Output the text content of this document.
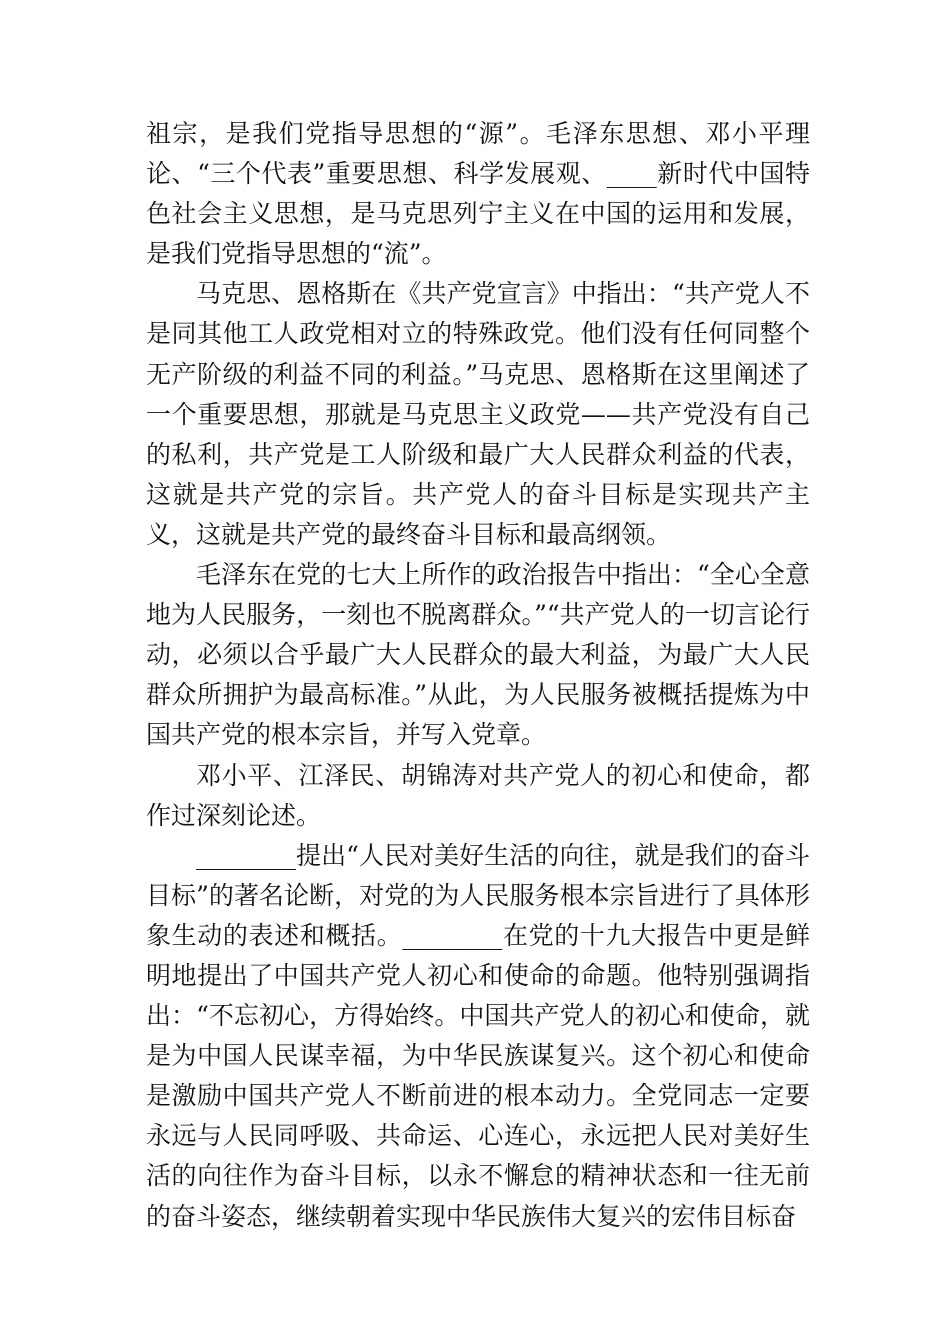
祖宗，是我们党指导思想的“源”。毛泽东思想、邓小平理论、“三个代表”重要思想、科学发展观、____新时代中国特色社会主义思想，是马克思列宁主义在中国的运用和发展，是我们党指导思想的“流”。

马克思、恩格斯在《共产党宣言》中指出：“共产党人不是同其他工人政党相对立的特殊政党。他们没有任何同整个无产阶级的利益不同的利益。”马克思、恩格斯在这里阐述了一个重要思想，那就是马克思主义政党——共产党没有自己的私利，共产党是工人阶级和最广大人民群众利益的代表，这就是共产党的宗旨。共产党人的奋斗目标是实现共产主义，这就是共产党的最终奋斗目标和最高纲领。

毛泽东在党的七大上所作的政治报告中指出：“全心全意地为人民服务，一刻也不脱离群众。”“共产党人的一切言论行动，必须以合乎最广大人民群众的最大利益，为最广大人民群众所拥护为最高标准。”从此，为人民服务被概括提炼为中国共产党的根本宗旨，并写入党章。

邓小平、江泽民、胡锦涛对共产党人的初心和使命，都作过深刻论述。

________提出“人民对美好生活的向往，就是我们的奋斗目标”的著名论断，对党的为人民服务根本宗旨进行了具体形象生动的表述和概括。________在党的十九大报告中更是鲜明地提出了中国共产党人初心和使命的命题。他特别强调指出：“不忘初心，方得始终。中国共产党人的初心和使命，就是为中国人民谋幸福，为中华民族谋复兴。这个初心和使命是激励中国共产党人不断前进的根本动力。全党同志一定要永远与人民同呼吸、共命运、心连心，永远把人民对美好生活的向往作为奋斗目标，以永不懈怠的精神状态和一往无前的奋斗姿态，继续朝着实现中华民族伟大复兴的宏伟目标奋
